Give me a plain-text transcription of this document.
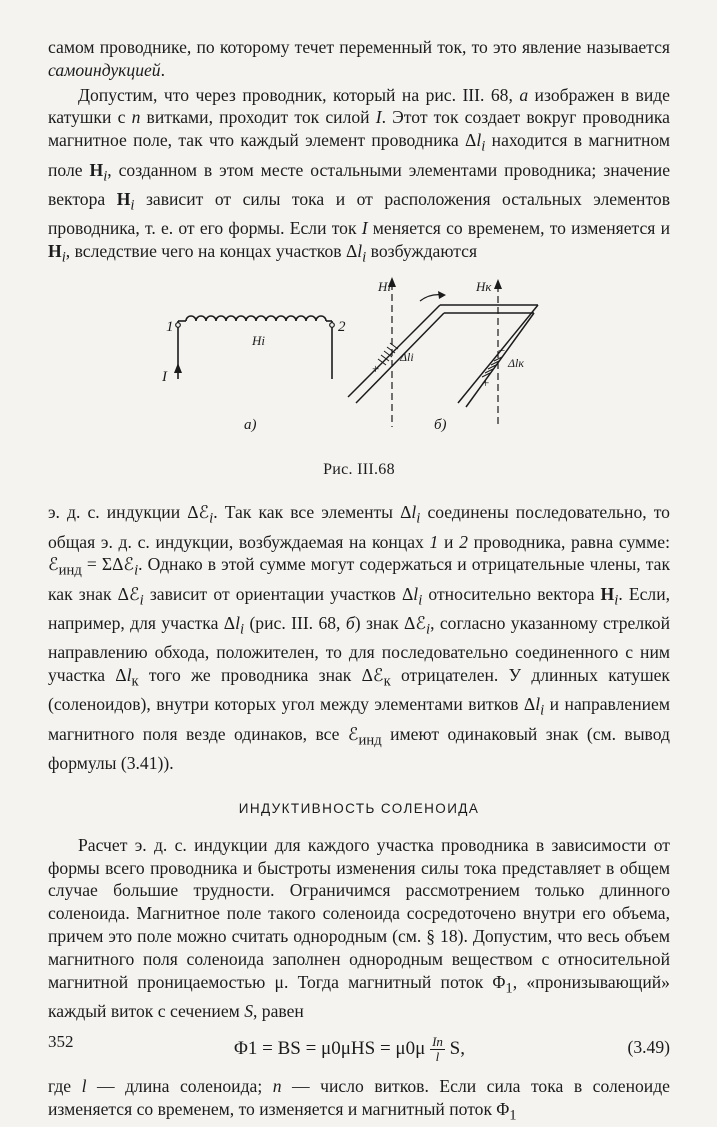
самом проводнике, по которому течет переменный ток, то это явление называется самоиндукцией.

Допустим, что через проводник, который на рис. III. 68, а изображен в виде катушки с n витками, проходит ток силой I. Этот ток создает вокруг проводника магнитное поле, так что каждый элемент проводника $\Delta l_i$ находится в магнитном поле $H_i$, созданном в этом месте остальными элементами проводника; значение вектора $H_i$ зависит от силы тока и от расположения остальных элементов проводника, т. е. от его формы. Если ток I меняется со временем, то изменяется и $H_i$, вследствие чего на концах участков $\Delta l_i$ возбуждаются

1	2
I
Hi
а)
Hi	Hк
Δli	Δlк
+
−
+
б)
Рис. III.68

э. д. с. индукции Δℰ$_i$. Так как все элементы $\Delta l_i$ соединены последовательно, то общая э. д. с. индукции, возбуждаемая на концах 1 и 2 проводника, равна сумме: ℰ$_{инд}$ = ΣΔℰ$_i$. Однако в этой сумме могут содержаться и отрицательные члены, так как знак Δℰ$_i$ зависит от ориентации участков $\Delta l_i$ относительно вектора $H_i$. Если, например, для участка $\Delta l_i$ (рис. III. 68, б) знак Δℰ$_i$, согласно указанному стрелкой направлению обхода, положителен, то для последовательно соединенного с ним участка $\Delta l_к$ того же проводника знак Δℰ$_к$ отрицателен. У длинных катушек (соленоидов), внутри которых угол между элементами витков $\Delta l_i$ и направлением магнитного поля везде одинаков, все ℰ$_{инд}$ имеют одинаковый знак (см. вывод формулы (3.41)).

ИНДУКТИВНОСТЬ СОЛЕНОИДА

Расчет э. д. с. индукции для каждого участка проводника в зависимости от формы всего проводника и быстроты изменения силы тока представляет в общем случае большие трудности. Ограничимся рассмотрением только длинного соленоида. Магнитное поле такого соленоида сосредоточено внутри его объема, причем это поле можно считать однородным (см. § 18). Допустим, что весь объем магнитного поля соленоида заполнен однородным веществом с относительной магнитной проницаемостью μ. Тогда магнитный поток $\Phi_1$, «пронизывающий» каждый виток с сечением S, равен

Φ1 = BS = $\mu 0\mu HS = \mu 0\mu \frac{In}{l} S$,	(3.49)

где l — длина соленоида; n — число витков. Если сила тока в соленоиде изменяется со временем, то изменяется и магнитный поток $\Phi_1$

352
